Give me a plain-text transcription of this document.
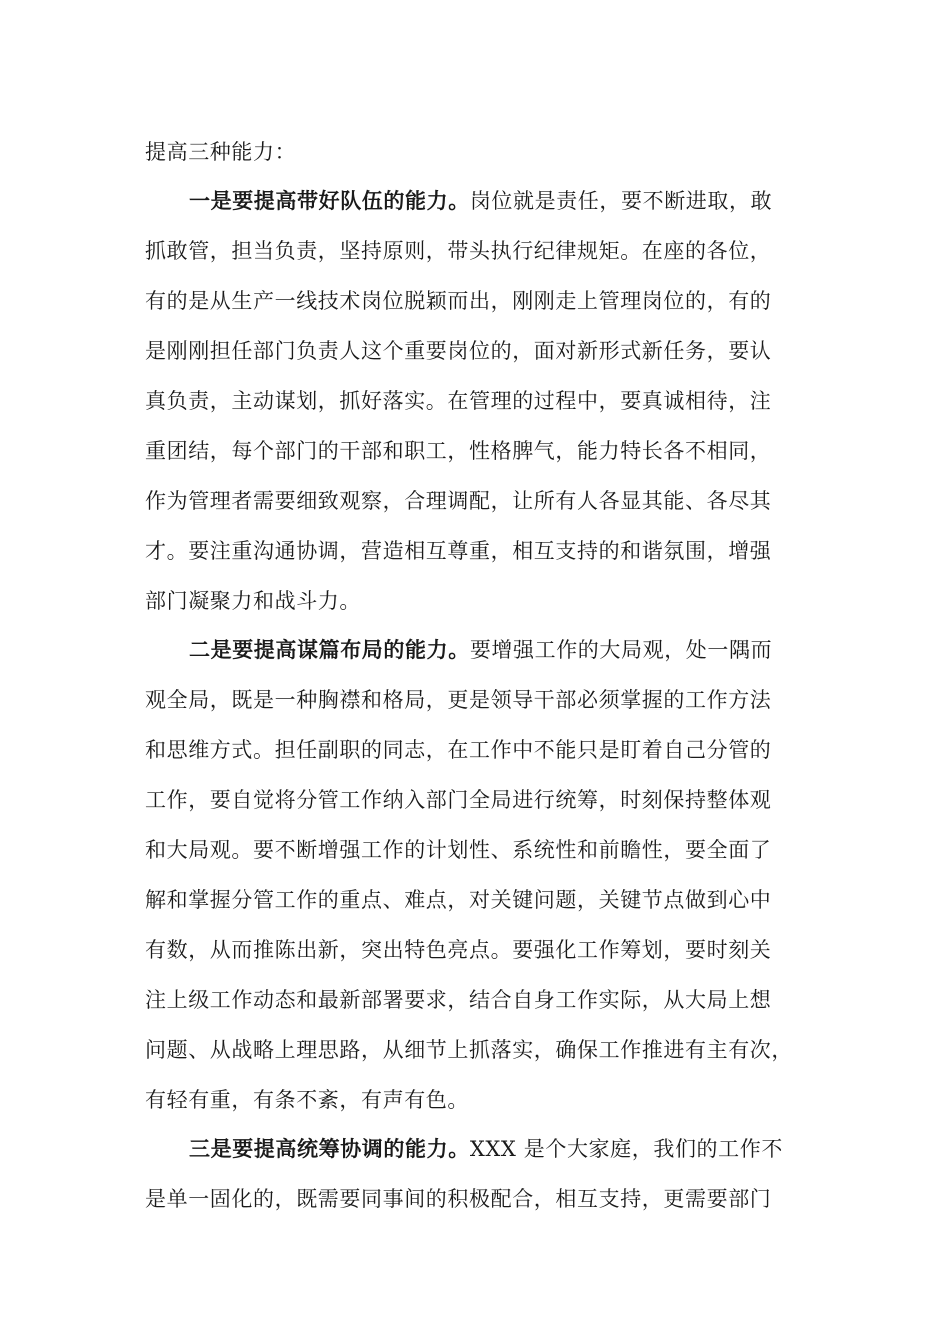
提高三种能力：
一是要提高带好队伍的能力。岗位就是责任，要不断进取，敢
抓敢管，担当负责，坚持原则，带头执行纪律规矩。在座的各位，
有的是从生产一线技术岗位脱颖而出，刚刚走上管理岗位的，有的
是刚刚担任部门负责人这个重要岗位的，面对新形式新任务，要认
真负责，主动谋划，抓好落实。在管理的过程中，要真诚相待，注
重团结，每个部门的干部和职工，性格脾气，能力特长各不相同，
作为管理者需要细致观察，合理调配，让所有人各显其能、各尽其
才。要注重沟通协调，营造相互尊重，相互支持的和谐氛围，增强
部门凝聚力和战斗力。
二是要提高谋篇布局的能力。要增强工作的大局观，处一隅而
观全局，既是一种胸襟和格局，更是领导干部必须掌握的工作方法
和思维方式。担任副职的同志，在工作中不能只是盯着自己分管的
工作，要自觉将分管工作纳入部门全局进行统筹，时刻保持整体观
和大局观。要不断增强工作的计划性、系统性和前瞻性，要全面了
解和掌握分管工作的重点、难点，对关键问题，关键节点做到心中
有数，从而推陈出新，突出特色亮点。要强化工作筹划，要时刻关
注上级工作动态和最新部署要求，结合自身工作实际，从大局上想
问题、从战略上理思路，从细节上抓落实，确保工作推进有主有次，
有轻有重，有条不紊，有声有色。
三是要提高统筹协调的能力。XXX 是个大家庭，我们的工作不
是单一固化的，既需要同事间的积极配合，相互支持，更需要部门
